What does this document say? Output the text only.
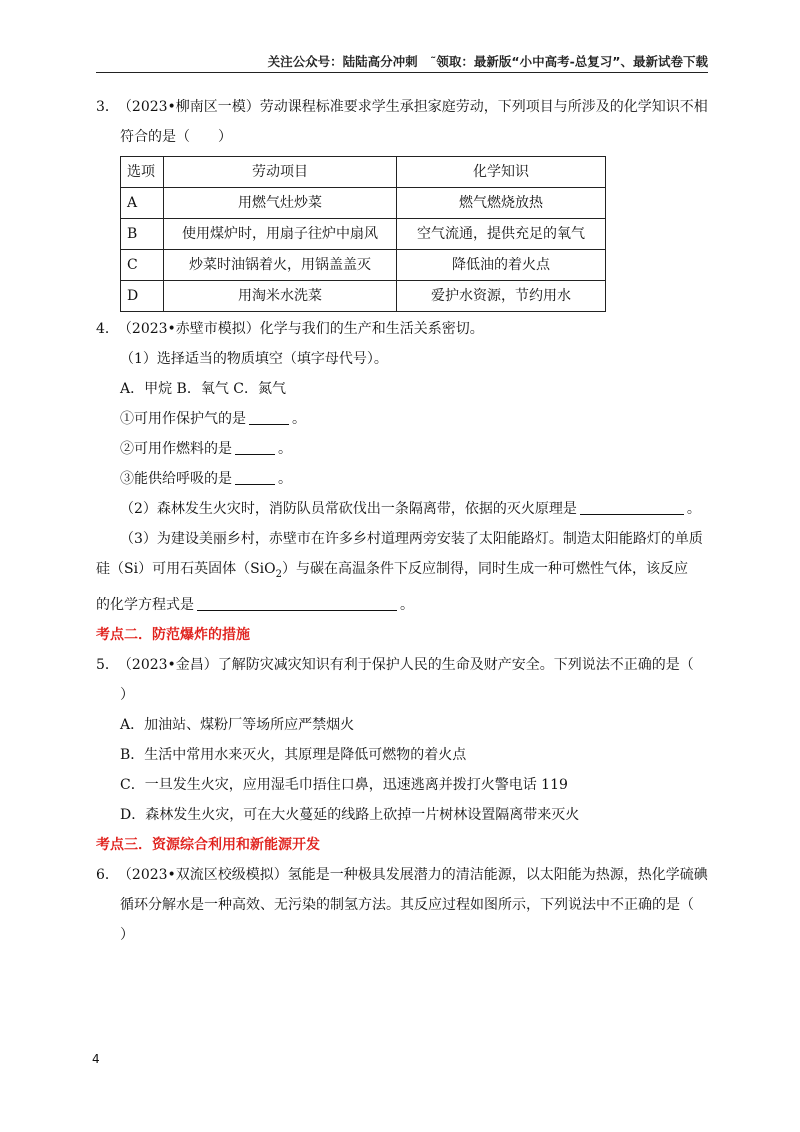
关注公众号：陆陆高分冲刺　˜领取：最新版“小中高考-总复习”、最新试卷下载
3． （2023•柳南区一模）劳动课程标准要求学生承担家庭劳动，下列项目与所涉及的化学知识不相
符合的是（　　）
选项	劳动项目	化学知识
A	用燃气灶炒菜	燃气燃烧放热
B	使用煤炉时，用扇子往炉中扇风	空气流通，提供充足的氧气
C	炒菜时油锅着火，用锅盖盖灭	降低油的着火点
D	用淘米水洗菜	爱护水资源，节约用水
4． （2023•赤壁市模拟）化学与我们的生产和生活关系密切。
（1）选择适当的物质填空（填字母代号）。
A．甲烷 B．氧气 C．氮气
①可用作保护气的是	。
②可用作燃料的是	。
③能供给呼吸的是	。
（2）森林发生火灾时，消防队员常砍伐出一条隔离带，依据的灭火原理是	。
（3）为建设美丽乡村，赤壁市在许多乡村道理两旁安装了太阳能路灯。制造太阳能路灯的单质
硅（Si）可用石英固体（SiO$_2$）与碳在高温条件下反应制得，同时生成一种可燃性气体，该反应
的化学方程式是	。
考点二．防范爆炸的措施
5． （2023•金昌）了解防灾减灾知识有利于保护人民的生命及财产安全。下列说法不正确的是（
）
A．加油站、煤粉厂等场所应严禁烟火
B．生活中常用水来灭火，其原理是降低可燃物的着火点
C．一旦发生火灾，应用湿毛巾捂住口鼻，迅速逃离并拨打火警电话 119
D．森林发生火灾，可在大火蔓延的线路上砍掉一片树林设置隔离带来灭火
考点三．资源综合利用和新能源开发
6． （2023•双流区校级模拟）氢能是一种极具发展潜力的清洁能源，以太阳能为热源，热化学硫碘
循环分解水是一种高效、无污染的制氢方法。其反应过程如图所示，下列说法中不正确的是（
）
4
